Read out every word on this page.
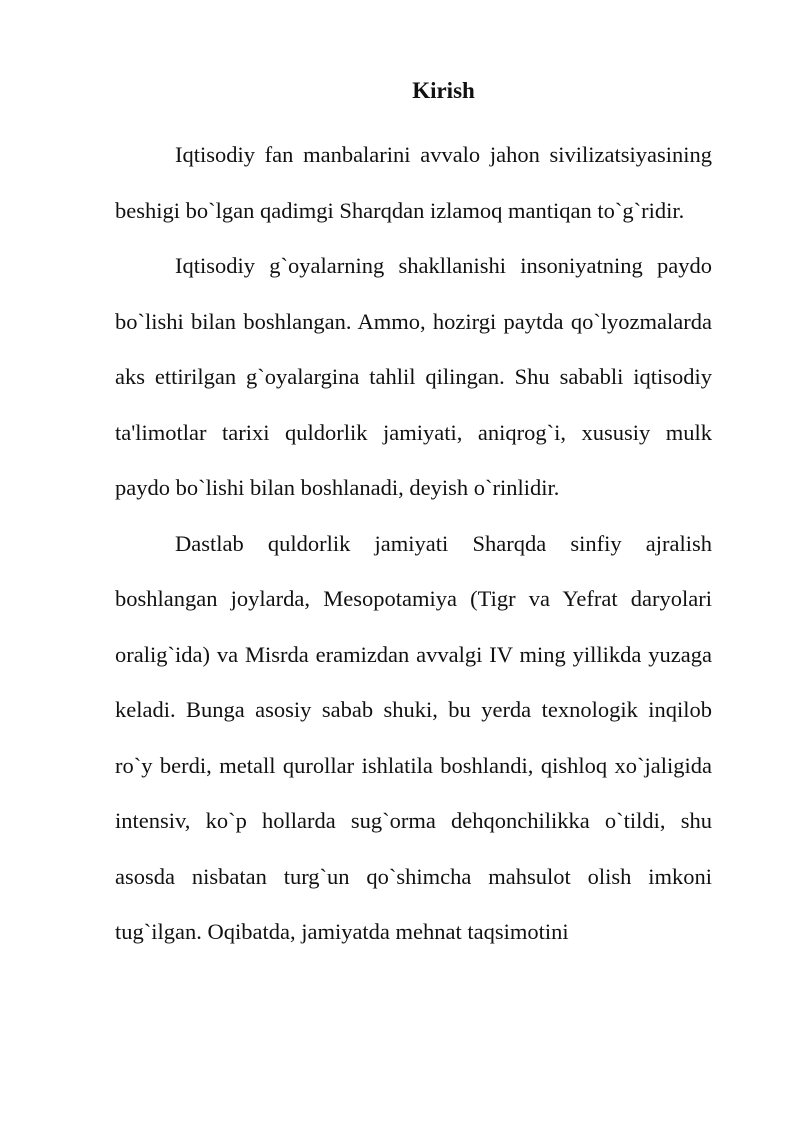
Kirish

Iqtisodiy fan manbalarini avvalo jahon sivilizatsiyasining beshigi bo`lgan qadimgi Sharqdan izlamoq mantiqan to`g`ridir.

Iqtisodiy g`oyalarning shakllanishi insoniyatning paydo bo`lishi bilan boshlangan. Ammo, hozirgi paytda qo`lyozmalarda aks ettirilgan g`oyalargina tahlil qilingan. Shu sababli iqtisodiy ta'limotlar tarixi quldorlik jamiyati, aniqrog`i, xususiy mulk paydo bo`lishi bilan boshlanadi, deyish o`rinlidir.

Dastlab quldorlik jamiyati Sharqda sinfiy ajralish boshlangan joylarda, Mesopotamiya (Tigr va Yefrat daryolari oralig`ida) va Misrda eramizdan avvalgi IV ming yillikda yuzaga keladi. Bunga asosiy sabab shuki, bu yerda texnologik inqilob ro`y berdi, metall qurollar ishlatila boshlandi, qishloq xo`jaligida intensiv, ko`p hollarda sug`orma dehqonchilikka o`tildi, shu asosda nisbatan turg`un qo`shimcha mahsulot olish imkoni tug`ilgan. Oqibatda, jamiyatda mehnat taqsimotini
